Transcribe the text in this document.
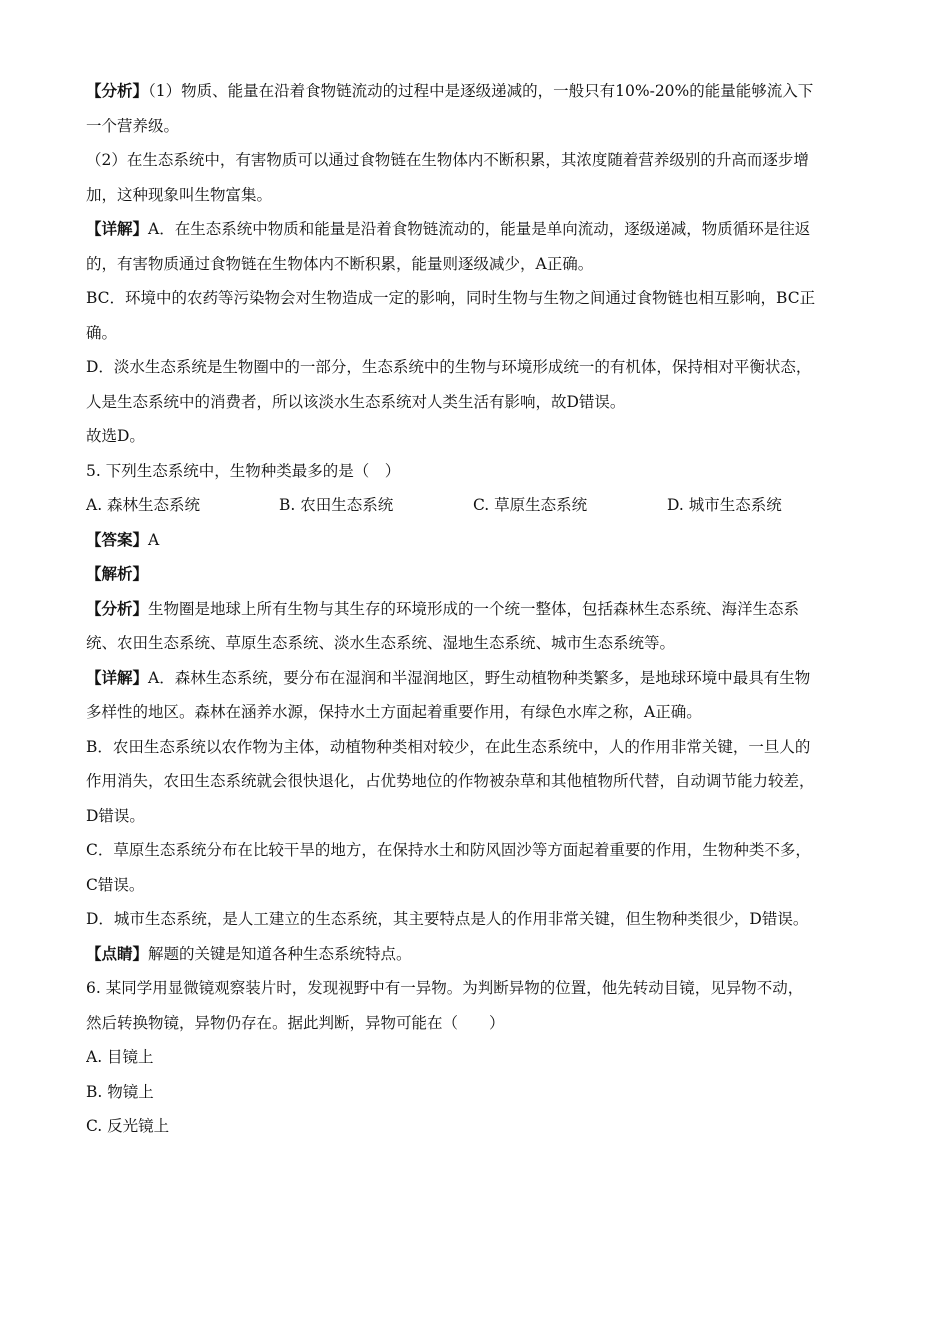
【分析】（1）物质、能量在沿着食物链流动的过程中是逐级递减的，一般只有10%-20%的能量能够流入下
一个营养级。
（2）在生态系统中，有害物质可以通过食物链在生物体内不断积累，其浓度随着营养级别的升高而逐步增
加，这种现象叫生物富集。
【详解】A．在生态系统中物质和能量是沿着食物链流动的，能量是单向流动，逐级递减，物质循环是往返
的，有害物质通过食物链在生物体内不断积累，能量则逐级减少，A正确。
BC．环境中的农药等污染物会对生物造成一定的影响，同时生物与生物之间通过食物链也相互影响，BC正
确。
D．淡水生态系统是生物圈中的一部分，生态系统中的生物与环境形成统一的有机体，保持相对平衡状态，
人是生态系统中的消费者，所以该淡水生态系统对人类生活有影响，故D错误。
故选D。
5. 下列生态系统中，生物种类最多的是（　）
A. 森林生态系统	B. 农田生态系统	C. 草原生态系统	D. 城市生态系统
【答案】A
【解析】
【分析】生物圈是地球上所有生物与其生存的环境形成的一个统一整体，包括森林生态系统、海洋生态系
统、农田生态系统、草原生态系统、淡水生态系统、湿地生态系统、城市生态系统等。
【详解】A．森林生态系统，要分布在湿润和半湿润地区，野生动植物种类繁多，是地球环境中最具有生物
多样性的地区。森林在涵养水源，保持水土方面起着重要作用，有绿色水库之称，A正确。
B．农田生态系统以农作物为主体，动植物种类相对较少，在此生态系统中，人的作用非常关键，一旦人的
作用消失，农田生态系统就会很快退化，占优势地位的作物被杂草和其他植物所代替，自动调节能力较差，
D错误。
C．草原生态系统分布在比较干旱的地方，在保持水土和防风固沙等方面起着重要的作用，生物种类不多，
C错误。
D．城市生态系统，是人工建立的生态系统，其主要特点是人的作用非常关键，但生物种类很少，D错误。
【点睛】解题的关键是知道各种生态系统特点。
6. 某同学用显微镜观察装片时，发现视野中有一异物。为判断异物的位置，他先转动目镜，见异物不动，
然后转换物镜，异物仍存在。据此判断，异物可能在（　　）
A. 目镜上
B. 物镜上
C. 反光镜上
